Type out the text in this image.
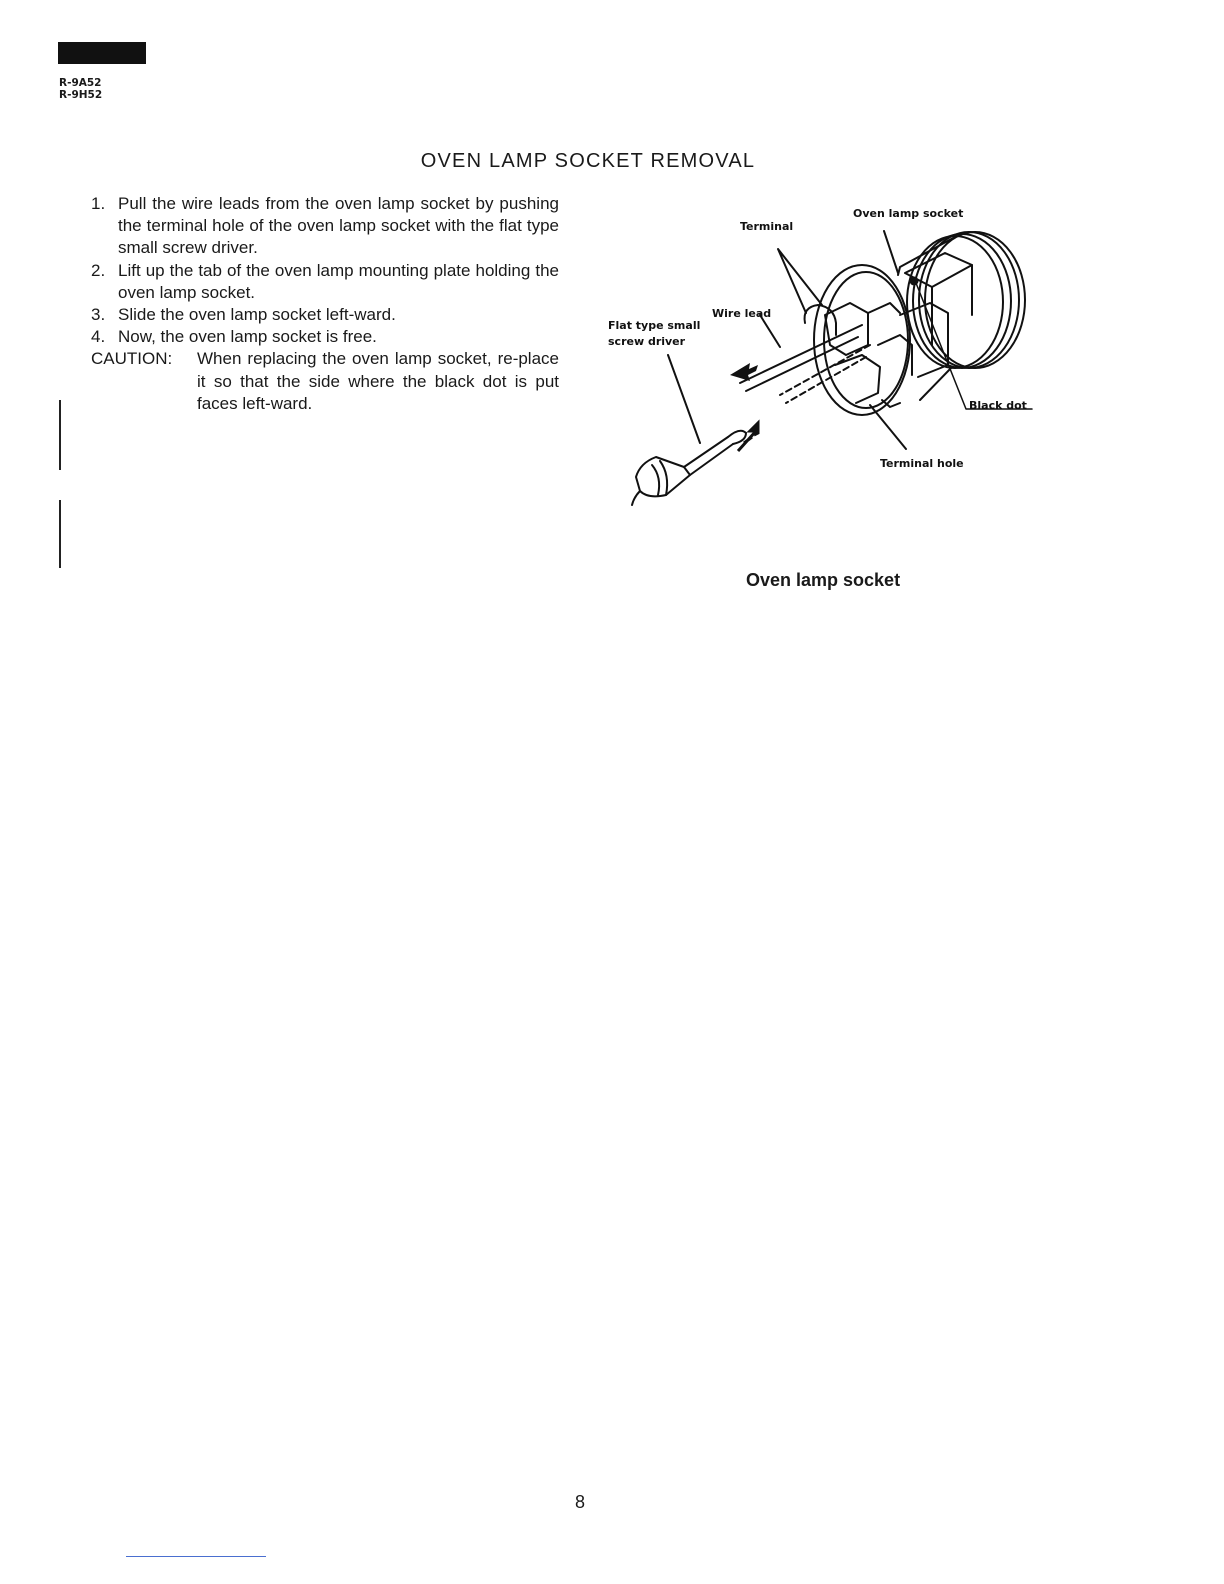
R-9A52
R-9H52
OVEN LAMP SOCKET REMOVAL
1. Pull the wire leads from the oven lamp socket by pushing the terminal hole of the oven lamp socket with the flat type small screw driver.
2. Lift up the tab of the oven lamp mounting plate holding the oven lamp socket.
3. Slide the oven lamp socket left-ward.
4. Now, the oven lamp socket is free.
CAUTION:	When replacing the oven lamp socket, re-place it so that the side where the black dot is put faces left-ward.
Oven lamp socket
Terminal
Wire lead
Flat type small
screw driver
Black dot
Terminal hole
Oven lamp socket
8
